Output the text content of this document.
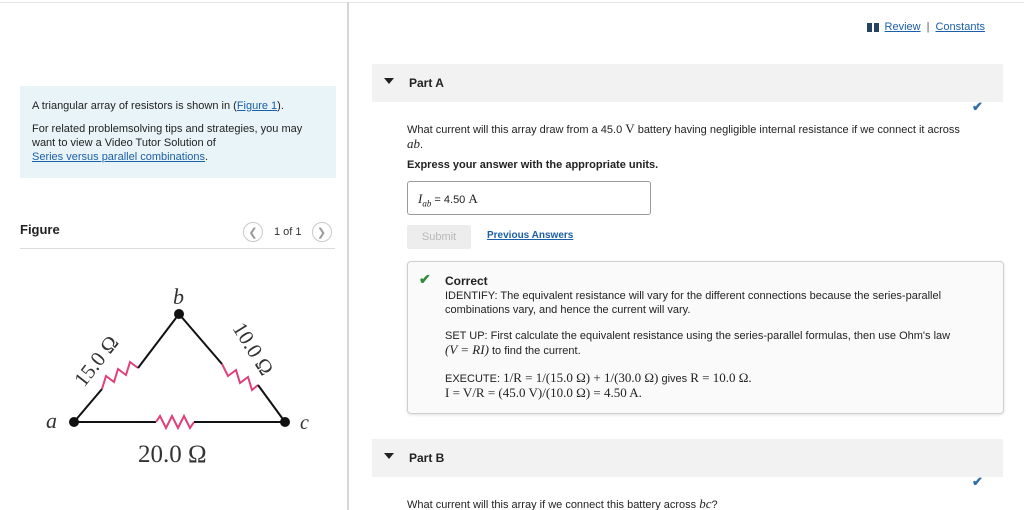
A triangular array of resistors is shown in (Figure 1).

For related problemsolving tips and strategies, you may want to view a Video Tutor Solution of
Series versus parallel combinations.

Figure	❮	1 of 1	❯
a
b
c
15.0 Ω	10.0 Ω
20.0 Ω
Review | Constants
Part A
✔
What current will this array draw from a 45.0 V battery having negligible internal resistance if we connect it across
ab.
Express your answer with the appropriate units.
$I_{ab} = 4.50$ A
Submit	Previous Answers
✔ Correct
IDENTIFY: The equivalent resistance will vary for the different connections because the series-parallel combinations vary, and hence the current will vary.
SET UP: First calculate the equivalent resistance using the series-parallel formulas, then use Ohm's law
(V = RI) to find the current.
EXECUTE: 1/R = 1/(15.0 Ω) + 1/(30.0 Ω) gives R = 10.0 Ω.
I = V/R = (45.0 V)/(10.0 Ω) = 4.50 A.
Part B
✔
What current will this array if we connect this battery across bc?
